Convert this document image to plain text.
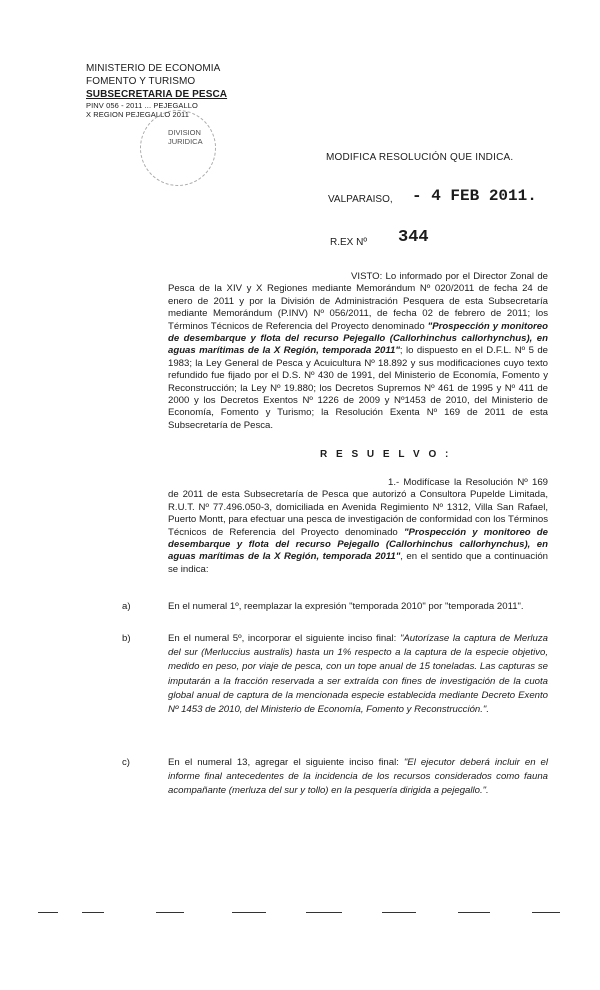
MINISTERIO DE ECONOMIA
FOMENTO Y TURISMO
SUBSECRETARIA DE PESCA
PINV 056 - 2011 ... PEJEGALLO
X REGION PEJEGALLO 2011
DIVISION
JURIDICA
MODIFICA RESOLUCIÓN QUE INDICA.
VALPARAISO, - 4 FEB 2011.
R.EX Nº 344
VISTO: Lo informado por el Director Zonal de Pesca de la XIV y X Regiones mediante Memorándum Nº 020/2011 de fecha 24 de enero de 2011 y por la División de Administración Pesquera de esta Subsecretaría mediante Memorándum (P.INV) Nº 056/2011, de fecha 02 de febrero de 2011; los Términos Técnicos de Referencia del Proyecto denominado "Prospección y monitoreo de desembarque y flota del recurso Pejegallo (Callorhinchus callorhynchus), en aguas marítimas de la X Región, temporada 2011"; lo dispuesto en el D.F.L. Nº 5 de 1983; la Ley General de Pesca y Acuicultura Nº 18.892 y sus modificaciones cuyo texto refundido fue fijado por el D.S. Nº 430 de 1991, del Ministerio de Economía, Fomento y Reconstrucción; la Ley Nº 19.880; los Decretos Supremos Nº 461 de 1995 y Nº 411 de 2000 y los Decretos Exentos Nº 1226 de 2009 y Nº1453 de 2010, del Ministerio de Economía, Fomento y Turismo; la Resolución Exenta Nº 169 de 2011 de esta Subsecretaría de Pesca.
R E S U E L V O :
1.- Modifícase la Resolución Nº 169 de 2011 de esta Subsecretaría de Pesca que autorizó a Consultora Pupelde Limitada, R.U.T. Nº 77.496.050-3, domiciliada en Avenida Regimiento Nº 1312, Villa San Rafael, Puerto Montt, para efectuar una pesca de investigación de conformidad con los Términos Técnicos de Referencia del Proyecto denominado "Prospección y monitoreo de desembarque y flota del recurso Pejegallo (Callorhinchus callorhynchus), en aguas marítimas de la X Región, temporada 2011", en el sentido que a continuación se indica:
a)	En el numeral 1º, reemplazar la expresión "temporada 2010" por "temporada 2011".
b)	En el numeral 5º, incorporar el siguiente inciso final: "Autorízase la captura de Merluza del sur (Merluccius australis) hasta un 1% respecto a la captura de la especie objetivo, medido en peso, por viaje de pesca, con un tope anual de 15 toneladas. Las capturas se imputarán a la fracción reservada a ser extraída con fines de investigación de la cuota global anual de captura de la mencionada especie establecida mediante Decreto Exento Nº 1453 de 2010, del Ministerio de Economía, Fomento y Reconstrucción.".
c)	En el numeral 13, agregar el siguiente inciso final: "El ejecutor deberá incluir en el informe final antecedentes de la incidencia de los recursos considerados como fauna acompañante (merluza del sur y tollo) en la pesquería dirigida a pejegallo.".
